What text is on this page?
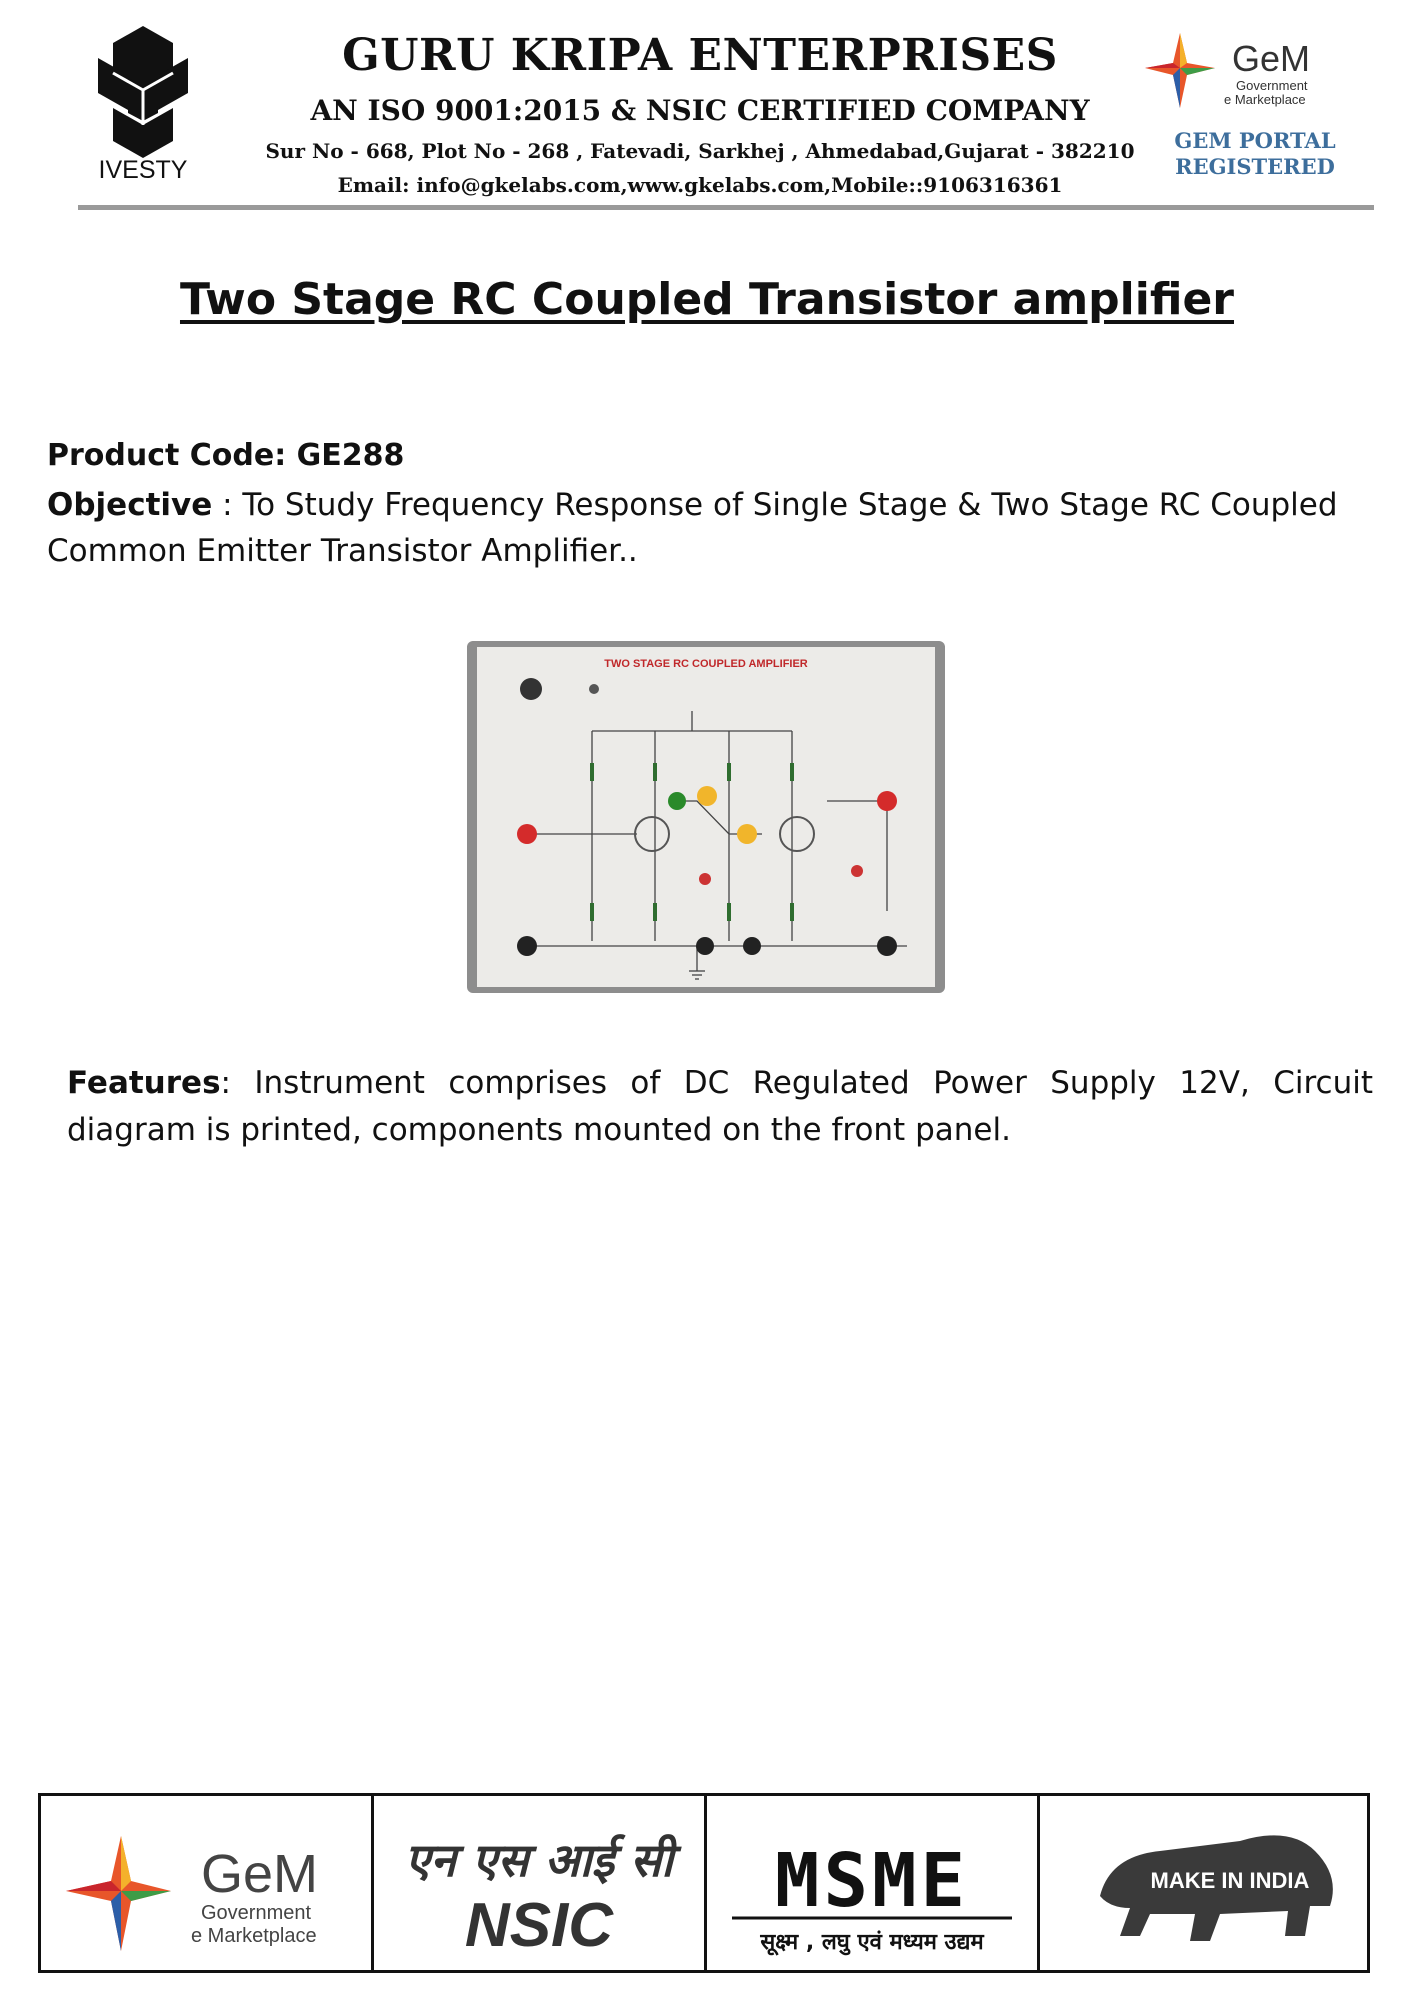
IVESTY
GURU KRIPA ENTERPRISES
AN ISO 9001:2015 & NSIC CERTIFIED COMPANY
Sur No - 668, Plot No - 268 , Fatevadi, Sarkhej , Ahmedabad,Gujarat - 382210
Email: info@gkelabs.com,www.gkelabs.com,Mobile::9106316361
GeM
Government
e Marketplace
GEM PORTAL
REGISTERED
Two Stage RC Coupled Transistor amplifier
Product Code: GE288
Objective : To Study Frequency Response of Single Stage & Two Stage RC Coupled Common Emitter Transistor Amplifier..
TWO STAGE RC COUPLED AMPLIFIER
Features: Instrument comprises of DC Regulated Power Supply 12V, Circuit diagram is printed, components mounted on the front panel.
GeM
Government
e Marketplace
एन एस आई सी
NSIC
MSME
सूक्ष्म , लघु एवं मध्यम उद्यम
MAKE IN INDIA
